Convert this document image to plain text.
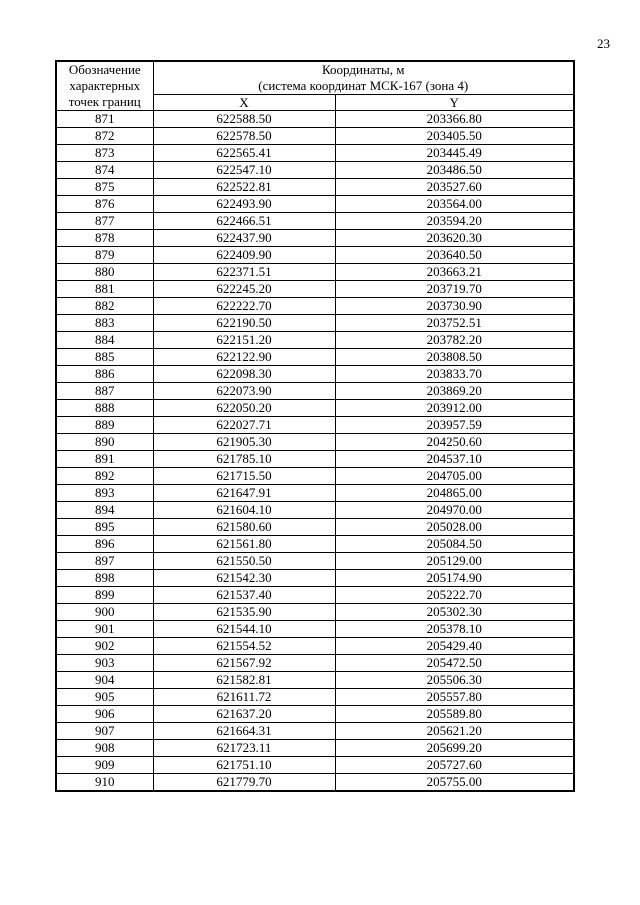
23
Обозначение
характерных
точек границ	Координаты, м
(система координат МСК-167 (зона 4)	

	X	Y
871	622588.50	203366.80
872	622578.50	203405.50
873	622565.41	203445.49
874	622547.10	203486.50
875	622522.81	203527.60
876	622493.90	203564.00
877	622466.51	203594.20
878	622437.90	203620.30
879	622409.90	203640.50
880	622371.51	203663.21
881	622245.20	203719.70
882	622222.70	203730.90
883	622190.50	203752.51
884	622151.20	203782.20
885	622122.90	203808.50
886	622098.30	203833.70
887	622073.90	203869.20
888	622050.20	203912.00
889	622027.71	203957.59
890	621905.30	204250.60
891	621785.10	204537.10
892	621715.50	204705.00
893	621647.91	204865.00
894	621604.10	204970.00
895	621580.60	205028.00
896	621561.80	205084.50
897	621550.50	205129.00
898	621542.30	205174.90
899	621537.40	205222.70
900	621535.90	205302.30
901	621544.10	205378.10
902	621554.52	205429.40
903	621567.92	205472.50
904	621582.81	205506.30
905	621611.72	205557.80
906	621637.20	205589.80
907	621664.31	205621.20
908	621723.11	205699.20
909	621751.10	205727.60
910	621779.70	205755.00
